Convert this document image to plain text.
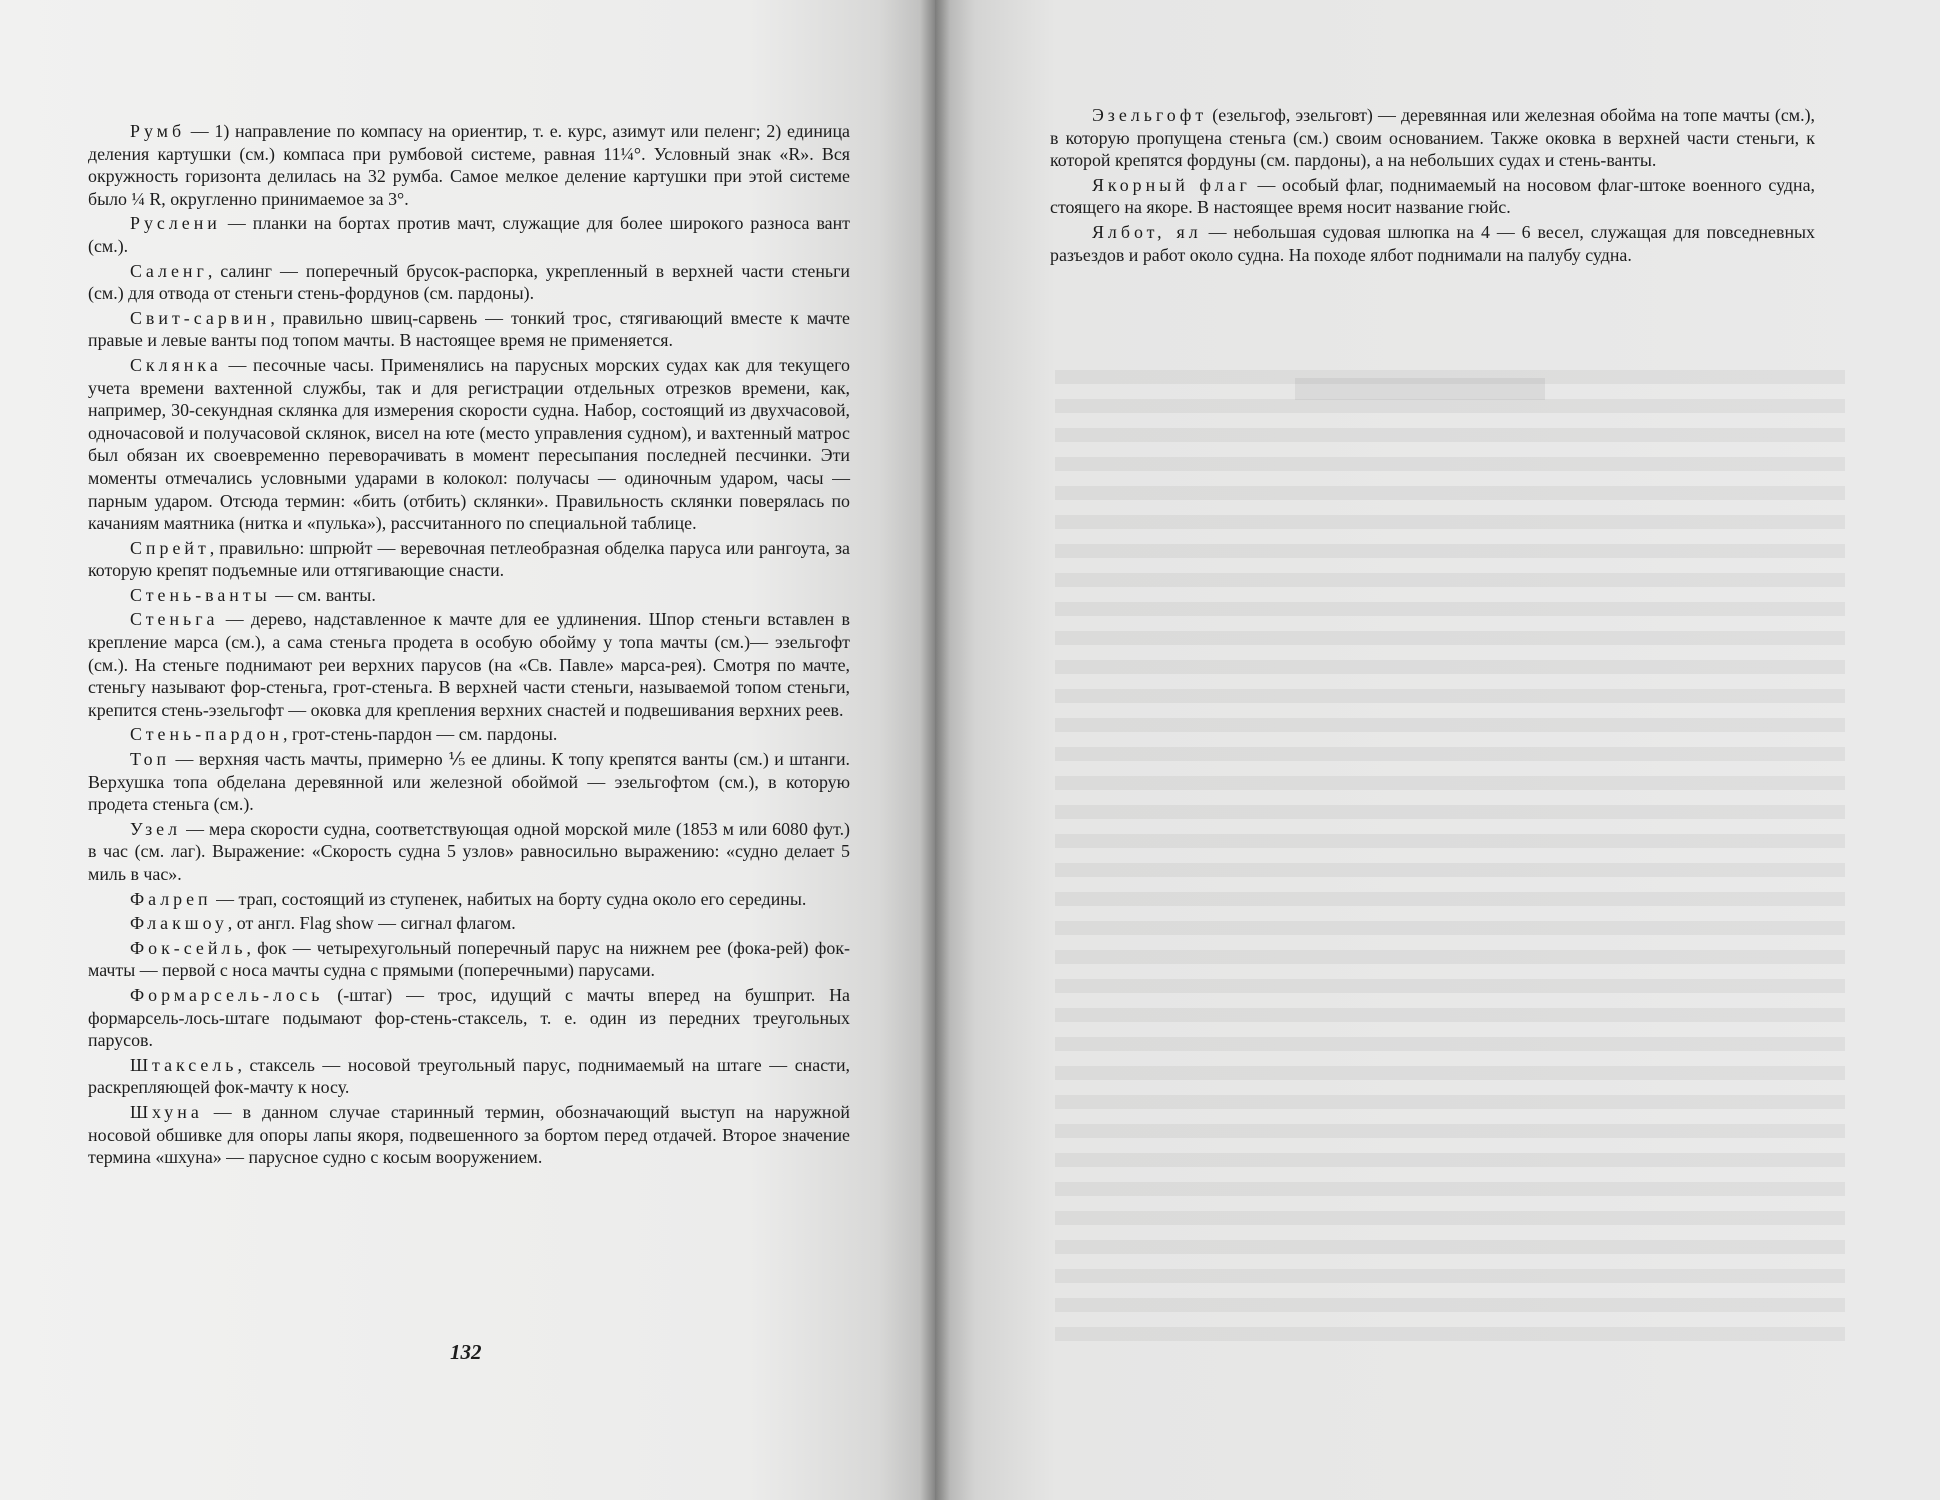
Румб — 1) направление по компасу на ориентир, т. е. курс, азимут или пеленг; 2) единица деления картушки (см.) компаса при румбовой системе, равная 11¼°. Условный знак «R». Вся окружность горизонта делилась на 32 румба. Самое мелкое деление картушки при этой системе было ¼ R, округленно принимаемое за 3°.

Руслени — планки на бортах против мачт, служащие для более широкого разноса вант (см.).

Саленг, салинг — поперечный брусок-распорка, укрепленный в верхней части стеньги (см.) для отвода от стеньги стень-фордунов (см. пардоны).

Свит-сарвин, правильно швиц-сарвень — тонкий трос, стягивающий вместе к мачте правые и левые ванты под топом мачты. В настоящее время не применяется.

Склянка — песочные часы. Применялись на парусных морских судах как для текущего учета времени вахтенной службы, так и для регистрации отдельных отрезков времени, как, например, 30-секундная склянка для измерения скорости судна. Набор, состоящий из двухчасовой, одночасовой и получасовой склянок, висел на юте (место управления судном), и вахтенный матрос был обязан их своевременно переворачивать в момент пересыпания последней песчинки. Эти моменты отмечались условными ударами в колокол: получасы — одиночным ударом, часы — парным ударом. Отсюда термин: «бить (отбить) склянки». Правильность склянки поверялась по качаниям маятника (нитка и «пулька»), рассчитанного по специальной таблице.

Спрейт, правильно: шпрюйт — веревочная петлеобразная обделка паруса или рангоута, за которую крепят подъемные или оттягивающие снасти.

Стень-ванты — см. ванты.

Стеньга — дерево, надставленное к мачте для ее удлинения. Шпор стеньги вставлен в крепление марса (см.), а сама стеньга продета в особую обойму у топа мачты (см.)— эзельгофт (см.). На стеньге поднимают реи верхних парусов (на «Св. Павле» марса-рея). Смотря по мачте, стеньгу называют фор-стеньга, грот-стеньга. В верхней части стеньги, называемой топом стеньги, крепится стень-эзельгофт — оковка для крепления верхних снастей и подвешивания верхних реев.

Стень-пардон, грот-стень-пардон — см. пардоны.

Топ — верхняя часть мачты, примерно ⅕ ее длины. К топу крепятся ванты (см.) и штанги. Верхушка топа обделана деревянной или железной обоймой — эзельгофтом (см.), в которую продета стеньга (см.).

Узел — мера скорости судна, соответствующая одной морской миле (1853 м или 6080 фут.) в час (см. лаг). Выражение: «Скорость судна 5 узлов» равносильно выражению: «судно делает 5 миль в час».

Фалреп — трап, состоящий из ступенек, набитых на борту судна около его середины.

Флакшоу, от англ. Flag show — сигнал флагом.

Фок-сейль, фок — четырехугольный поперечный парус на нижнем рее (фока-рей) фок-мачты — первой с носа мачты судна с прямыми (поперечными) парусами.

Формарсель-лось (-штаг) — трос, идущий с мачты вперед на бушприт. На формарсель-лось-штаге подымают фор-стень-стаксель, т. е. один из передних треугольных парусов.

Штаксель, стаксель — носовой треугольный парус, поднимаемый на штаге — снасти, раскрепляющей фок-мачту к носу.

Шхуна — в данном случае старинный термин, обозначающий выступ на наружной носовой обшивке для опоры лапы якоря, подвешенного за бортом перед отдачей. Второе значение термина «шхуна» — парусное судно с косым вооружением.

132

Эзельгофт (езельгоф, эзельговт) — деревянная или железная обойма на топе мачты (см.), в которую пропущена стеньга (см.) своим основанием. Также оковка в верхней части стеньги, к которой крепятся фордуны (см. пардоны), а на небольших судах и стень-ванты.

Якорный флаг — особый флаг, поднимаемый на носовом флаг-штоке военного судна, стоящего на якоре. В настоящее время носит название гюйс.

Ялбот, ял — небольшая судовая шлюпка на 4 — 6 весел, служащая для повседневных разъездов и работ около судна. На походе ялбот поднимали на палубу судна.
